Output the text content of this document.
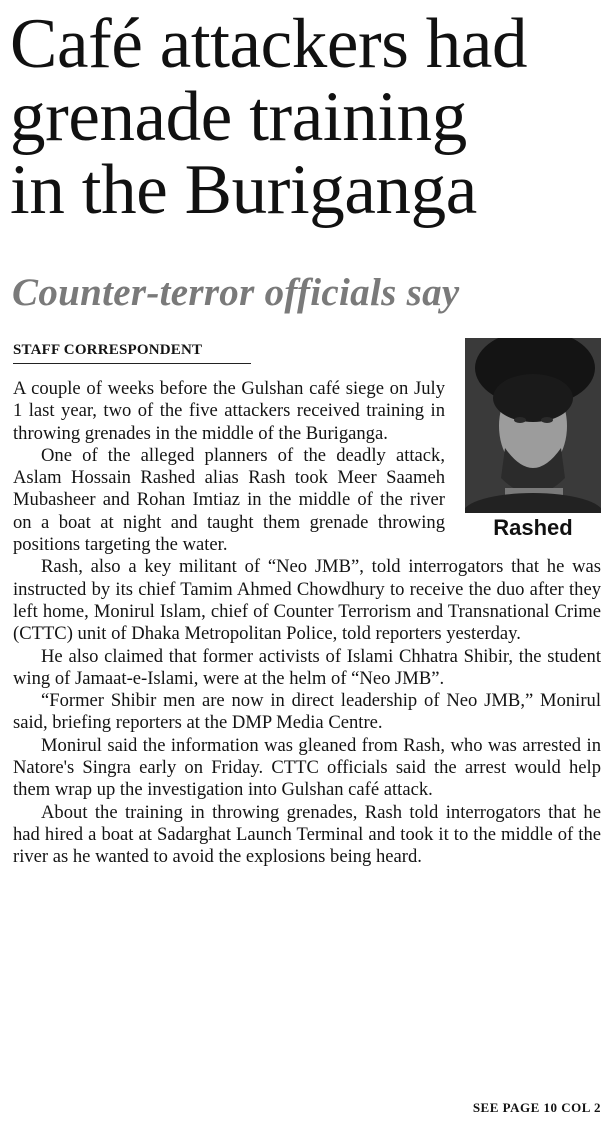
Café attackers had
grenade training
in the Buriganga
Counter-terror officials say
STAFF CORRESPONDENT
Rashed

A couple of weeks before the Gulshan café siege on July 1 last year, two of the five attackers received training in throwing grenades in the middle of the Buriganga.

One of the alleged planners of the deadly attack, Aslam Hossain Rashed alias Rash took Meer Saameh Mubasheer and Rohan Imtiaz in the middle of the river on a boat at night and taught them grenade throwing positions targeting the water.

Rash, also a key militant of “Neo JMB”, told interrogators that he was instructed by its chief Tamim Ahmed Chowdhury to receive the duo after they left home, Monirul Islam, chief of Counter Terrorism and Transnational Crime (CTTC) unit of Dhaka Metropolitan Police, told reporters yesterday.

He also claimed that former activists of Islami Chhatra Shibir, the student wing of Jamaat-e-Islami, were at the helm of “Neo JMB”.

“Former Shibir men are now in direct leadership of Neo JMB,” Monirul said, briefing reporters at the DMP Media Centre.

Monirul said the information was gleaned from Rash, who was arrested in Natore's Singra early on Friday. CTTC officials said the arrest would help them wrap up the investigation into Gulshan café attack.

About the training in throwing grenades, Rash told interrogators that he had hired a boat at Sadarghat Launch Terminal and took it to the middle of the river as he wanted to avoid the explosions being heard.

SEE PAGE 10 COL 2
